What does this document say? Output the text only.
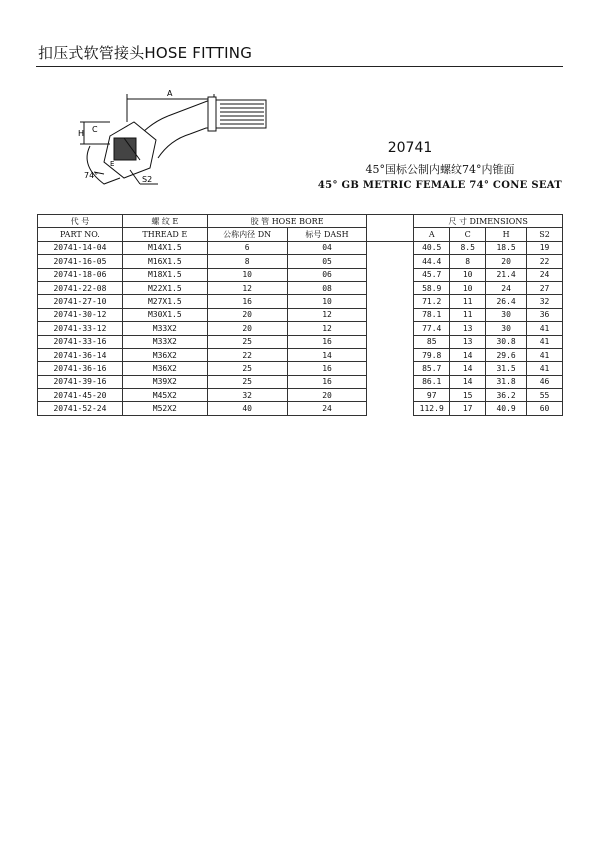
扣压式软管接头HOSE FITTING
A
H C
E
74°	S2
20741
45°国标公制内螺纹74°内锥面
45° GB METRIC FEMALE 74° CONE SEAT
代 号	螺 纹 E	胶 管 HOSE BORE			尺 寸 DIMENSIONS			
PART NO.	THREAD E	公称内径 DN	标号 DASH		A	C	H	S2
20741-14-04	M14X1.5	6	04		40.5	8.5	18.5	19
20741-16-05	M16X1.5	8	05		44.4	8	20	22
20741-18-06	M18X1.5	10	06		45.7	10	21.4	24
20741-22-08	M22X1.5	12	08		58.9	10	24	27
20741-27-10	M27X1.5	16	10		71.2	11	26.4	32
20741-30-12	M30X1.5	20	12		78.1	11	30	36
20741-33-12	M33X2	20	12		77.4	13	30	41
20741-33-16	M33X2	25	16		85	13	30.8	41
20741-36-14	M36X2	22	14		79.8	14	29.6	41
20741-36-16	M36X2	25	16		85.7	14	31.5	41
20741-39-16	M39X2	25	16		86.1	14	31.8	46
20741-45-20	M45X2	32	20		97	15	36.2	55
20741-52-24	M52X2	40	24		112.9	17	40.9	60
